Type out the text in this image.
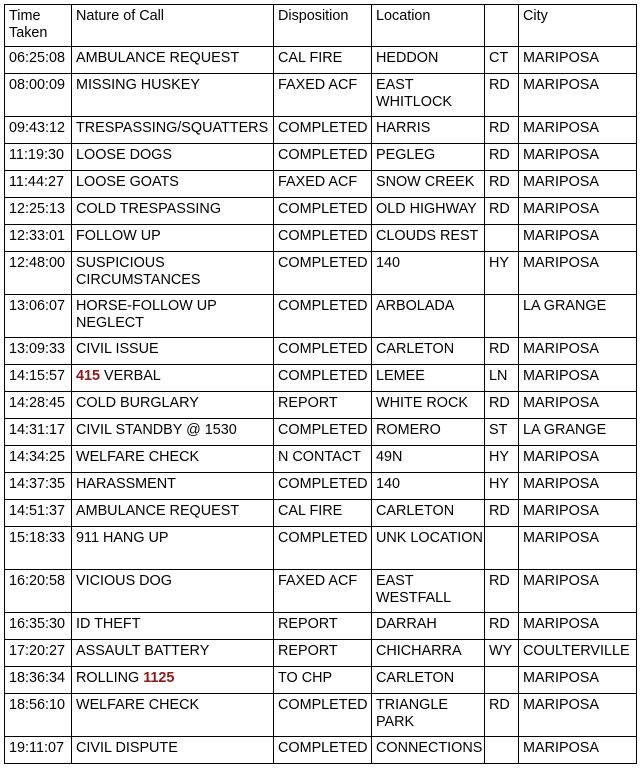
Time
Taken	Nature of Call	Disposition	Location		City
06:25:08	AMBULANCE REQUEST	CAL FIRE	HEDDON	CT	MARIPOSA
08:00:09	MISSING HUSKEY	FAXED ACF	EAST WHITLOCK	RD	MARIPOSA
09:43:12	TRESPASSING/SQUATTERS	COMPLETED	HARRIS	RD	MARIPOSA
11:19:30	LOOSE DOGS	COMPLETED	PEGLEG	RD	MARIPOSA
11:44:27	LOOSE GOATS	FAXED ACF	SNOW CREEK	RD	MARIPOSA
12:25:13	COLD TRESPASSING	COMPLETED	OLD HIGHWAY	RD	MARIPOSA
12:33:01	FOLLOW UP	COMPLETED	CLOUDS REST		MARIPOSA
12:48:00	SUSPICIOUS CIRCUMSTANCES	COMPLETED	140	HY	MARIPOSA
13:06:07	HORSE-FOLLOW UP NEGLECT	COMPLETED	ARBOLADA		LA GRANGE
13:09:33	CIVIL ISSUE	COMPLETED	CARLETON	RD	MARIPOSA
14:15:57	415 VERBAL	COMPLETED	LEMEE	LN	MARIPOSA
14:28:45	COLD BURGLARY	REPORT	WHITE ROCK	RD	MARIPOSA
14:31:17	CIVIL STANDBY @ 1530	COMPLETED	ROMERO	ST	LA GRANGE
14:34:25	WELFARE CHECK	N CONTACT	49N	HY	MARIPOSA
14:37:35	HARASSMENT	COMPLETED	140	HY	MARIPOSA
14:51:37	AMBULANCE REQUEST	CAL FIRE	CARLETON	RD	MARIPOSA
15:18:33	911 HANG UP	COMPLETED	UNK LOCATION		MARIPOSA
16:20:58	VICIOUS DOG	FAXED ACF	EAST WESTFALL	RD	MARIPOSA
16:35:30	ID THEFT	REPORT	DARRAH	RD	MARIPOSA
17:20:27	ASSAULT BATTERY	REPORT	CHICHARRA	WY	COULTERVILLE
18:36:34	ROLLING 1125	TO CHP	CARLETON		MARIPOSA
18:56:10	WELFARE CHECK	COMPLETED	TRIANGLE PARK	RD	MARIPOSA
19:11:07	CIVIL DISPUTE	COMPLETED	CONNECTIONS		MARIPOSA
